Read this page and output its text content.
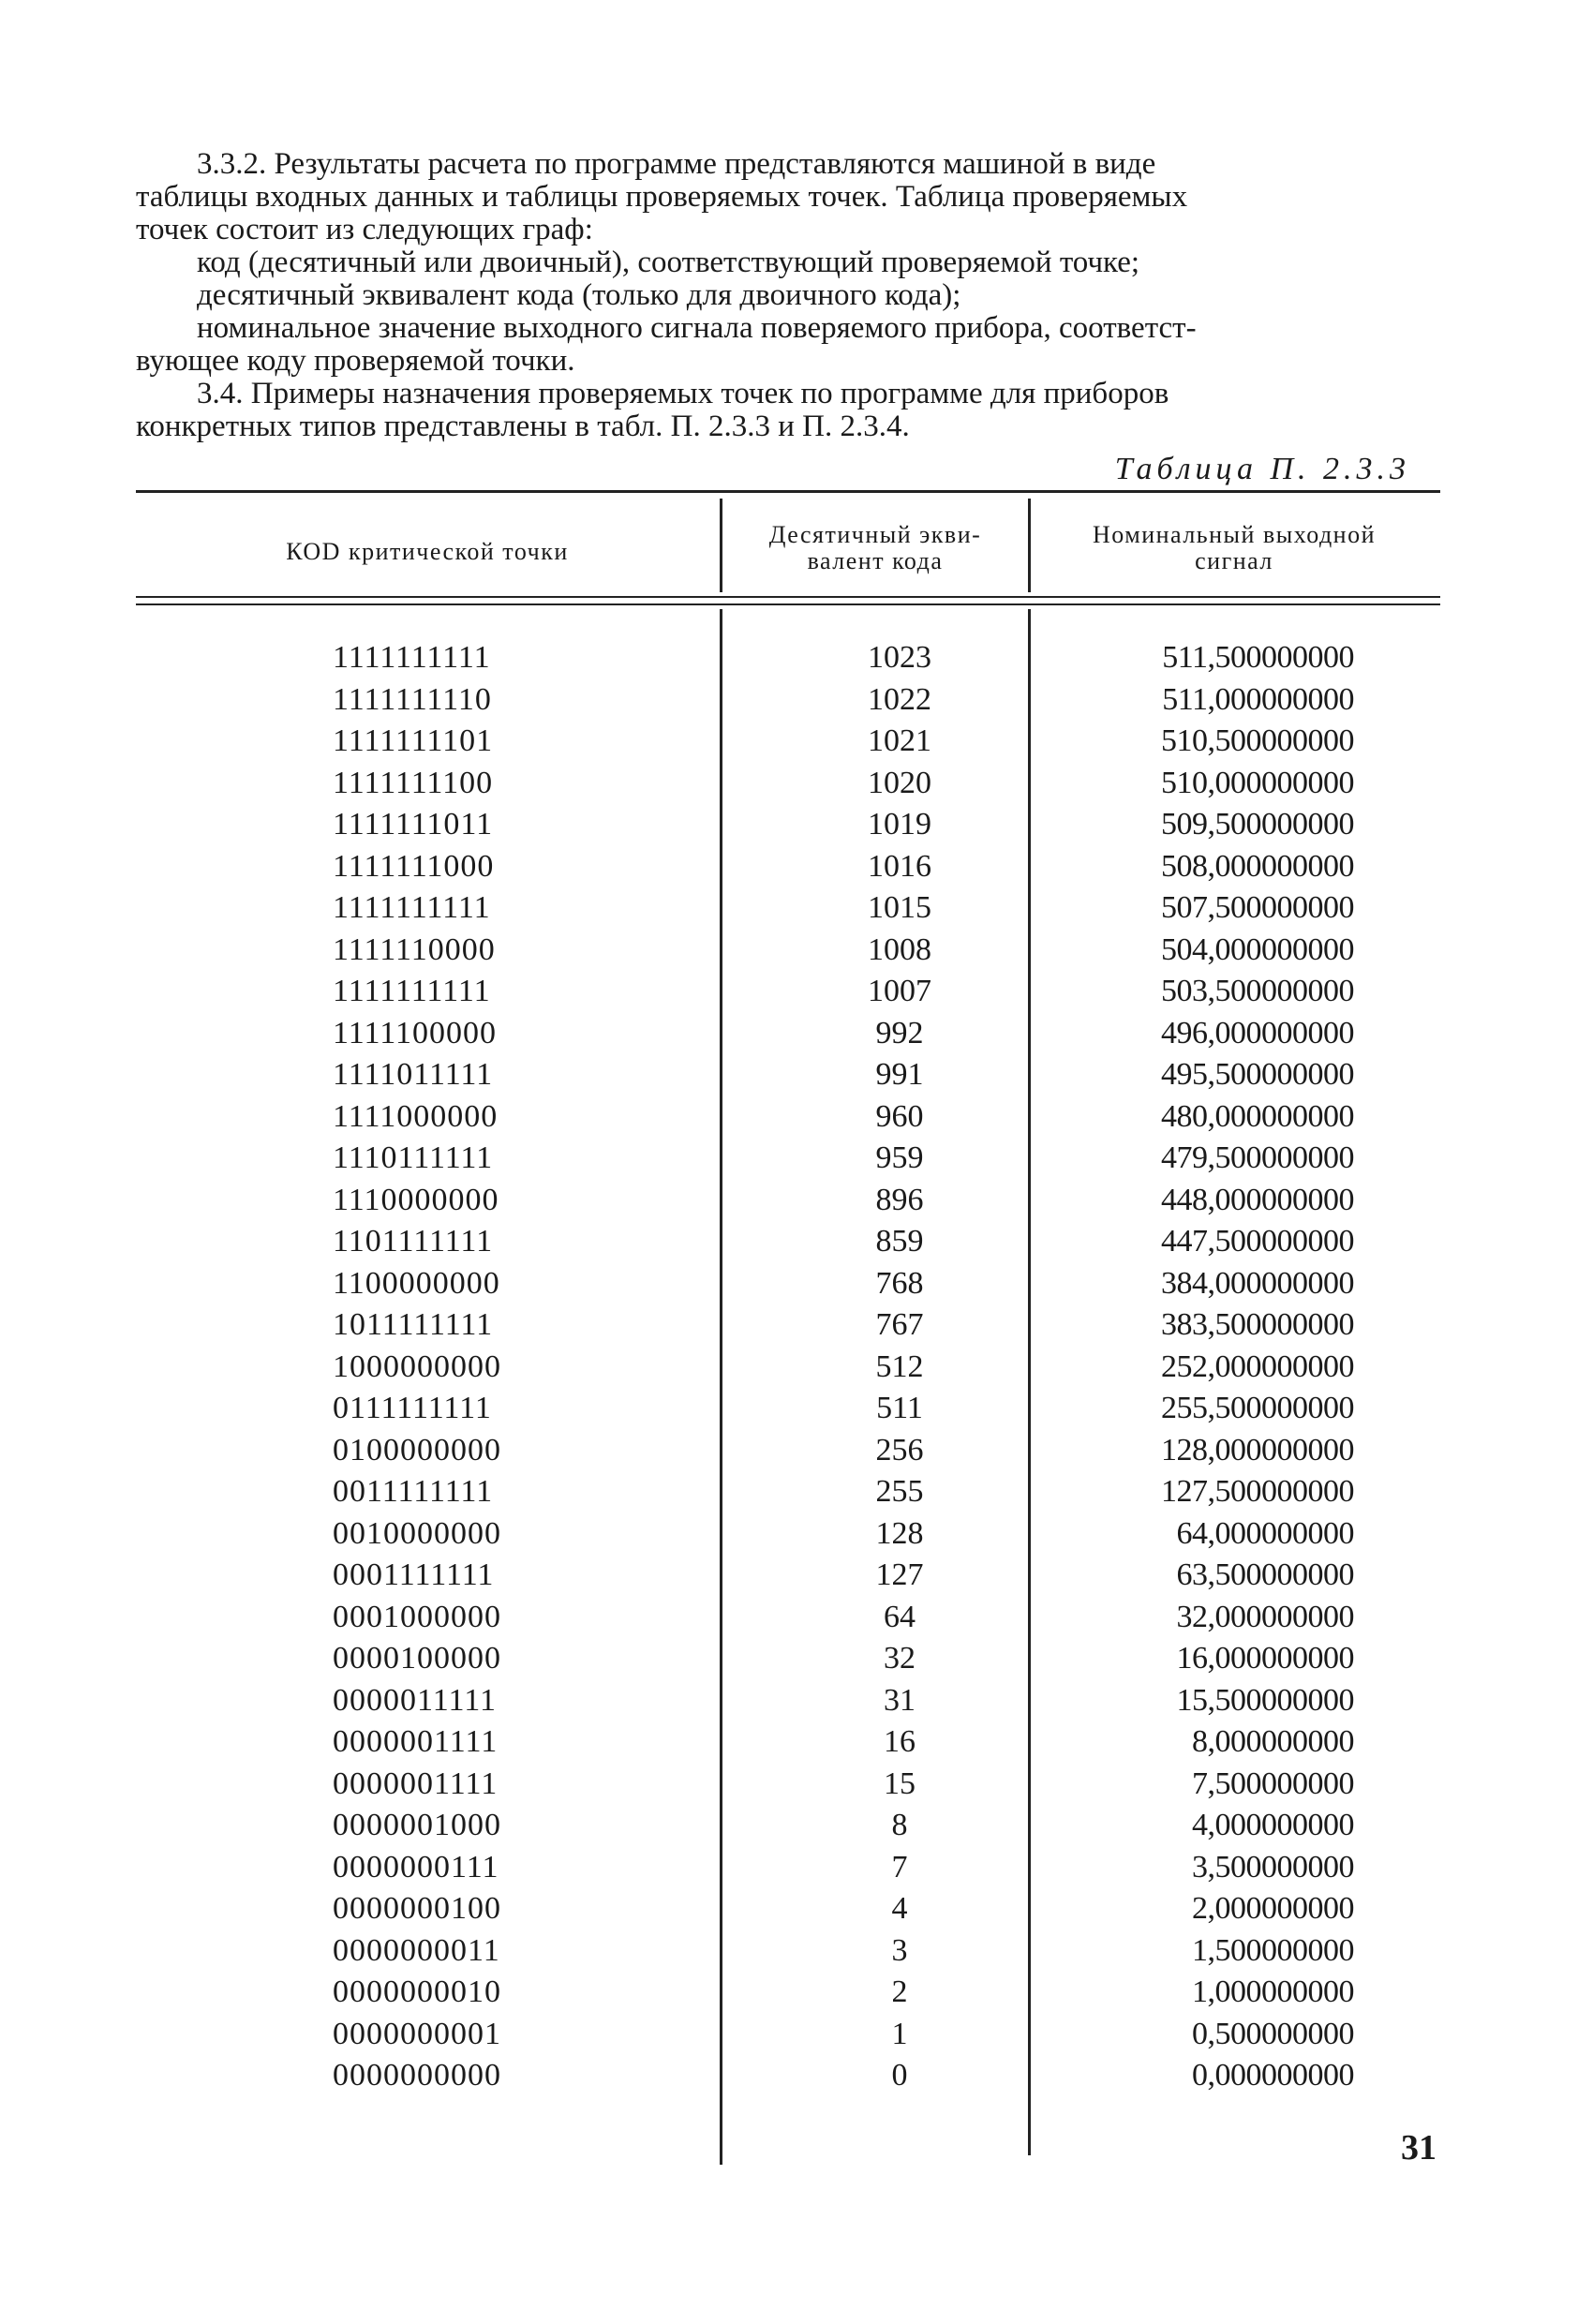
3.3.2. Результаты расчета по программе представляются машиной в виде

таблицы входных данных и таблицы проверяемых точек. Таблица проверяемых

точек состоит из следующих граф:

код (десятичный или двоичный), соответствующий проверяемой точке;

десятичный эквивалент кода (только для двоичного кода);

номинальное значение выходного сигнала поверяемого прибора, соответст-

вующее коду проверяемой точки.

3.4. Примеры назначения проверяемых точек по программе для приборов

конкретных типов представлены в табл. П. 2.3.3 и П. 2.3.4.

Таблица П. 2.3.3
КОD критической точки
Десятичный экви-
валент кода
Номинальный выходной
сигнал
1111111111
1111111110
1111111101
1111111100
1111111011
1111111000
1111111111
1111110000
1111111111
1111100000
1111011111
1111000000
1110111111
1110000000
1101111111
1100000000
1011111111
1000000000
0111111111
0100000000
0011111111
0010000000
0001111111
0001000000
0000100000
0000011111
0000001111
0000001111
0000001000
0000000111
0000000100
0000000011
0000000010
0000000001
0000000000
1023
1022
1021
1020
1019
1016
1015
1008
1007
992
991
960
959
896
859
768
767
512
511
256
255
128
127
64
32
31
16
15
8
7
4
3
2
1
0
511,500000000
511,000000000
510,500000000
510,000000000
509,500000000
508,000000000
507,500000000
504,000000000
503,500000000
496,000000000
495,500000000
480,000000000
479,500000000
448,000000000
447,500000000
384,000000000
383,500000000
252,000000000
255,500000000
128,000000000
127,500000000
64,000000000
63,500000000
32,000000000
16,000000000
15,500000000
8,000000000
7,500000000
4,000000000
3,500000000
2,000000000
1,500000000
1,000000000
0,500000000
0,000000000
31
